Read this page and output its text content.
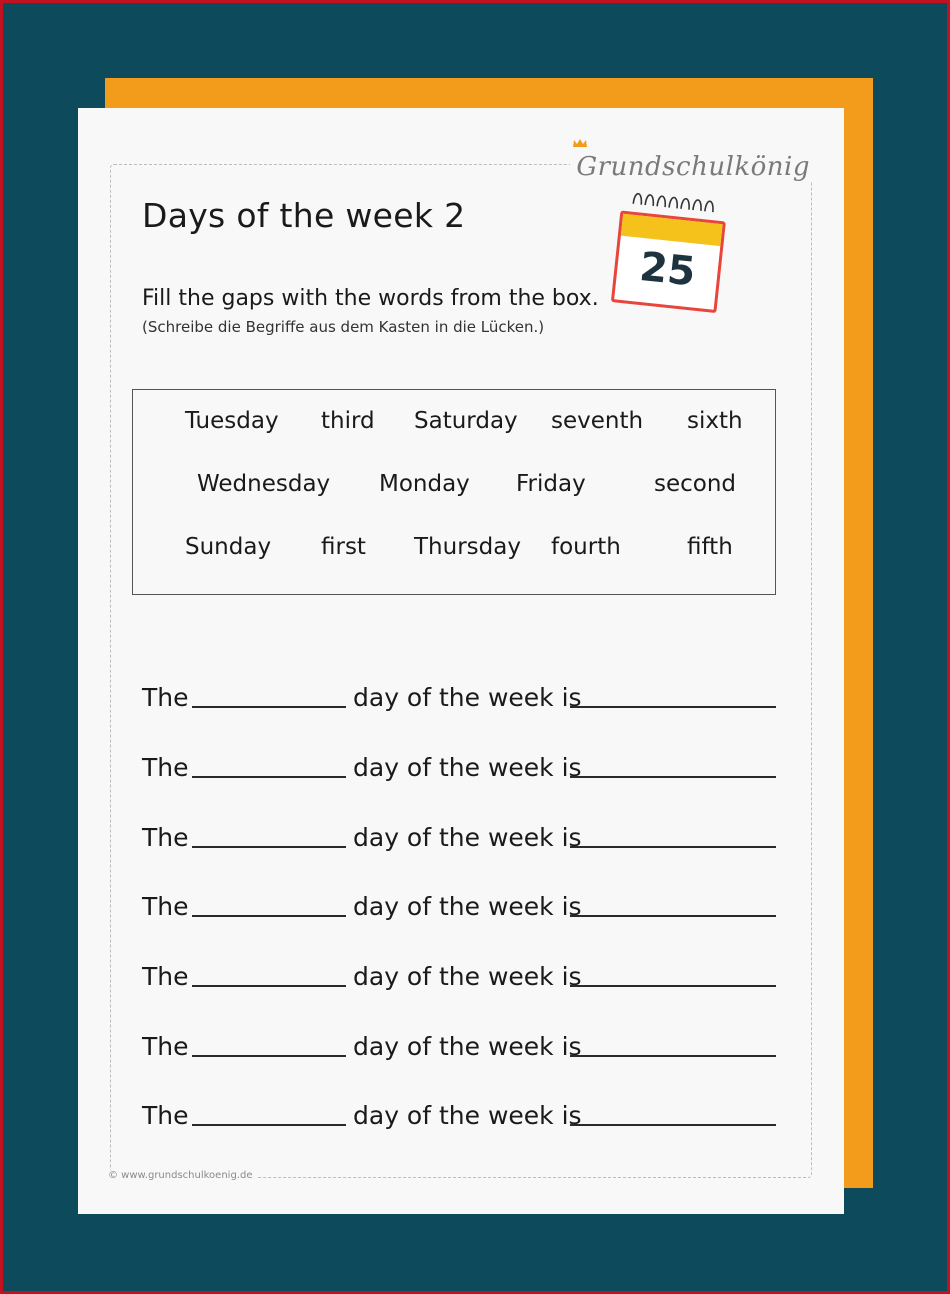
Grundschulkönig
Days of the week 2
25
Fill the gaps with the words from the box.
(Schreibe die Begriffe aus dem Kasten in die Lücken.)
Tuesday third Saturday seventh sixth
Wednesday Monday Friday	second
Sunday first Thursday fourth	fifth
The	day of the week is
The	day of the week is
The	day of the week is
The	day of the week is
The	day of the week is
The	day of the week is
The	day of the week is
© www.grundschulkoenig.de
